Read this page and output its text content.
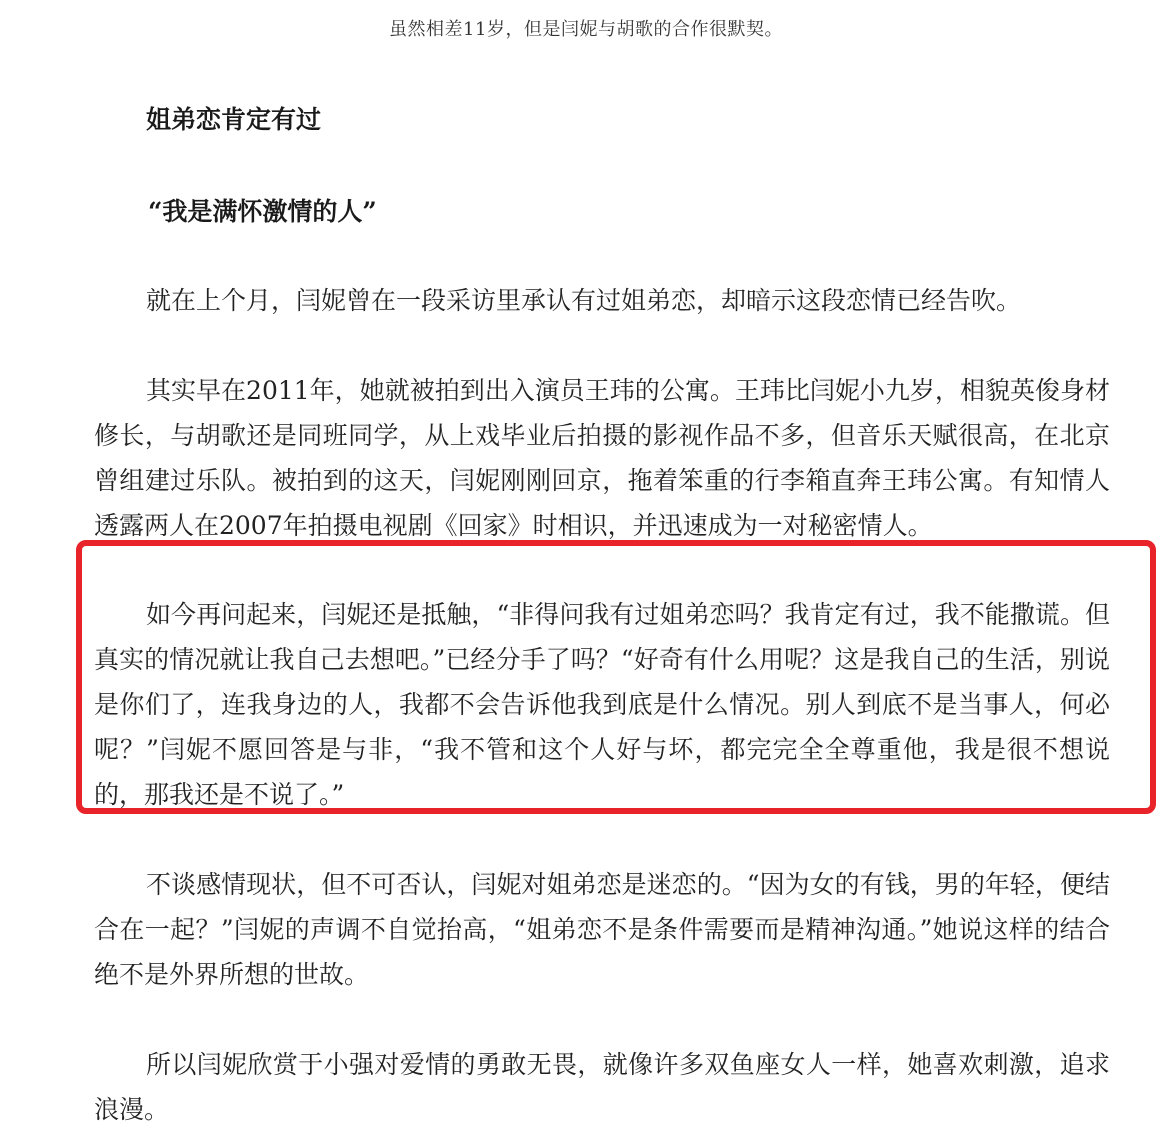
虽然相差11岁，但是闫妮与胡歌的合作很默契。
姐弟恋肯定有过
“我是满怀激情的人”

就在上个月，闫妮曾在一段采访里承认有过姐弟恋，却暗示这段恋情已经告吹。

其实早在2011年，她就被拍到出入演员王玮的公寓。王玮比闫妮小九岁，相貌英俊身材修长，与胡歌还是同班同学，从上戏毕业后拍摄的影视作品不多，但音乐天赋很高，在北京曾组建过乐队。被拍到的这天，闫妮刚刚回京，拖着笨重的行李箱直奔王玮公寓。有知情人透露两人在2007年拍摄电视剧《回家》时相识，并迅速成为一对秘密情人。

如今再问起来，闫妮还是抵触，“非得问我有过姐弟恋吗？我肯定有过，我不能撒谎。但真实的情况就让我自己去想吧。”已经分手了吗？“好奇有什么用呢？这是我自己的生活，别说是你们了，连我身边的人，我都不会告诉他我到底是什么情况。别人到底不是当事人，何必呢？”闫妮不愿回答是与非，“我不管和这个人好与坏，都完完全全尊重他，我是很不想说的，那我还是不说了。”

不谈感情现状，但不可否认，闫妮对姐弟恋是迷恋的。“因为女的有钱，男的年轻，便结合在一起？”闫妮的声调不自觉抬高，“姐弟恋不是条件需要而是精神沟通。”她说这样的结合绝不是外界所想的世故。

所以闫妮欣赏于小强对爱情的勇敢无畏，就像许多双鱼座女人一样，她喜欢刺激，追求浪漫。
